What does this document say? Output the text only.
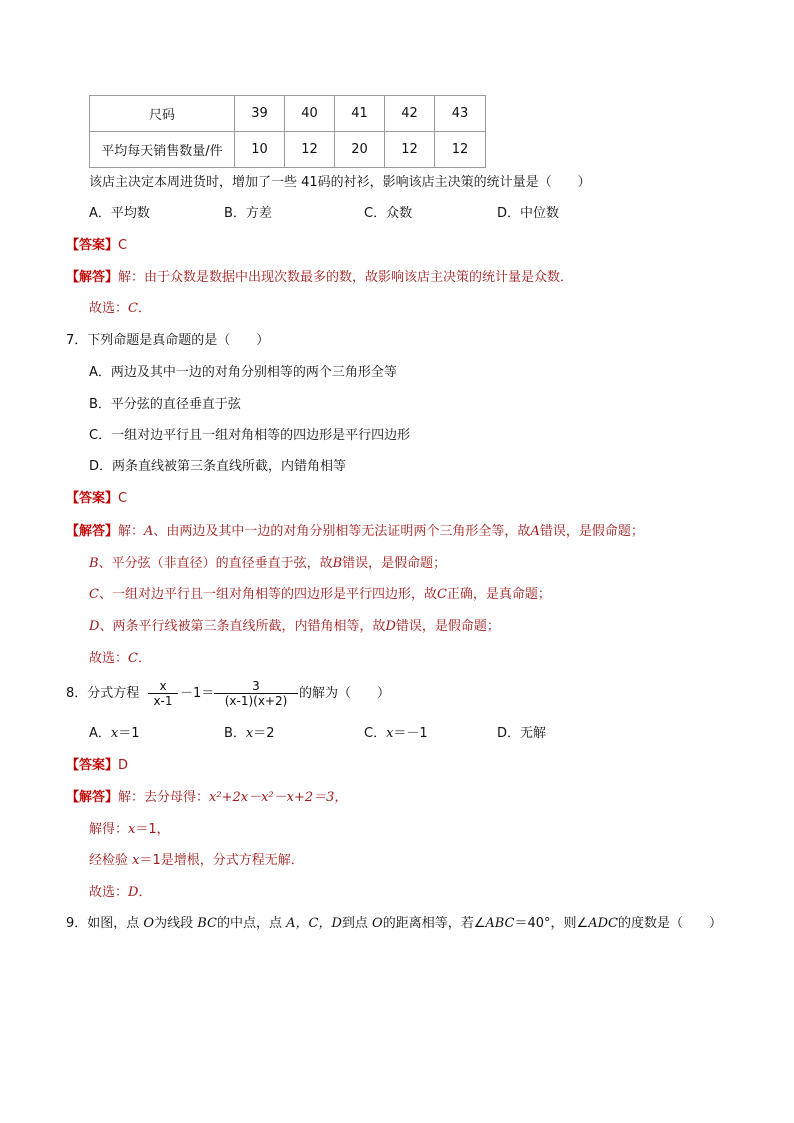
尺码	39	40	41	42	43
平均每天销售数量/件	10	12	20	12	12
该店主决定本周进货时，增加了一些 41码的衬衫，影响该店主决策的统计量是（　　）
A．平均数	B．方差	C．众数	D．中位数
【答案】C
【解答】解：由于众数是数据中出现次数最多的数，故影响该店主决策的统计量是众数．
故选：C．
7．下列命题是真命题的是（　　）
A．两边及其中一边的对角分别相等的两个三角形全等
B．平分弦的直径垂直于弦
C．一组对边平行且一组对角相等的四边形是平行四边形
D．两条直线被第三条直线所截，内错角相等
【答案】C
【解答】解：A、由两边及其中一边的对角分别相等无法证明两个三角形全等，故A错误，是假命题；
B、平分弦（非直径）的直径垂直于弦，故B错误，是假命题；
C、一组对边平行且一组对角相等的四边形是平行四边形，故C正确，是真命题；
D、两条平行线被第三条直线所截，内错角相等，故D错误，是假命题；
故选：C．
8．分式方程	x
x-1 －1＝	3
(x-1)(x+2) 的解为（　　）
A．x＝1	B．x＝2	C．x＝－1	D．无解
【答案】D
【解答】解：去分母得：x²+2x－x²－x+2＝3，
解得：x＝1，
经检验 x＝1是增根，分式方程无解．
故选：D．
9．如图，点 O为线段 BC的中点，点 A，C，D到点 O的距离相等，若∠ABC＝40°，则∠ADC的度数是（　　）
